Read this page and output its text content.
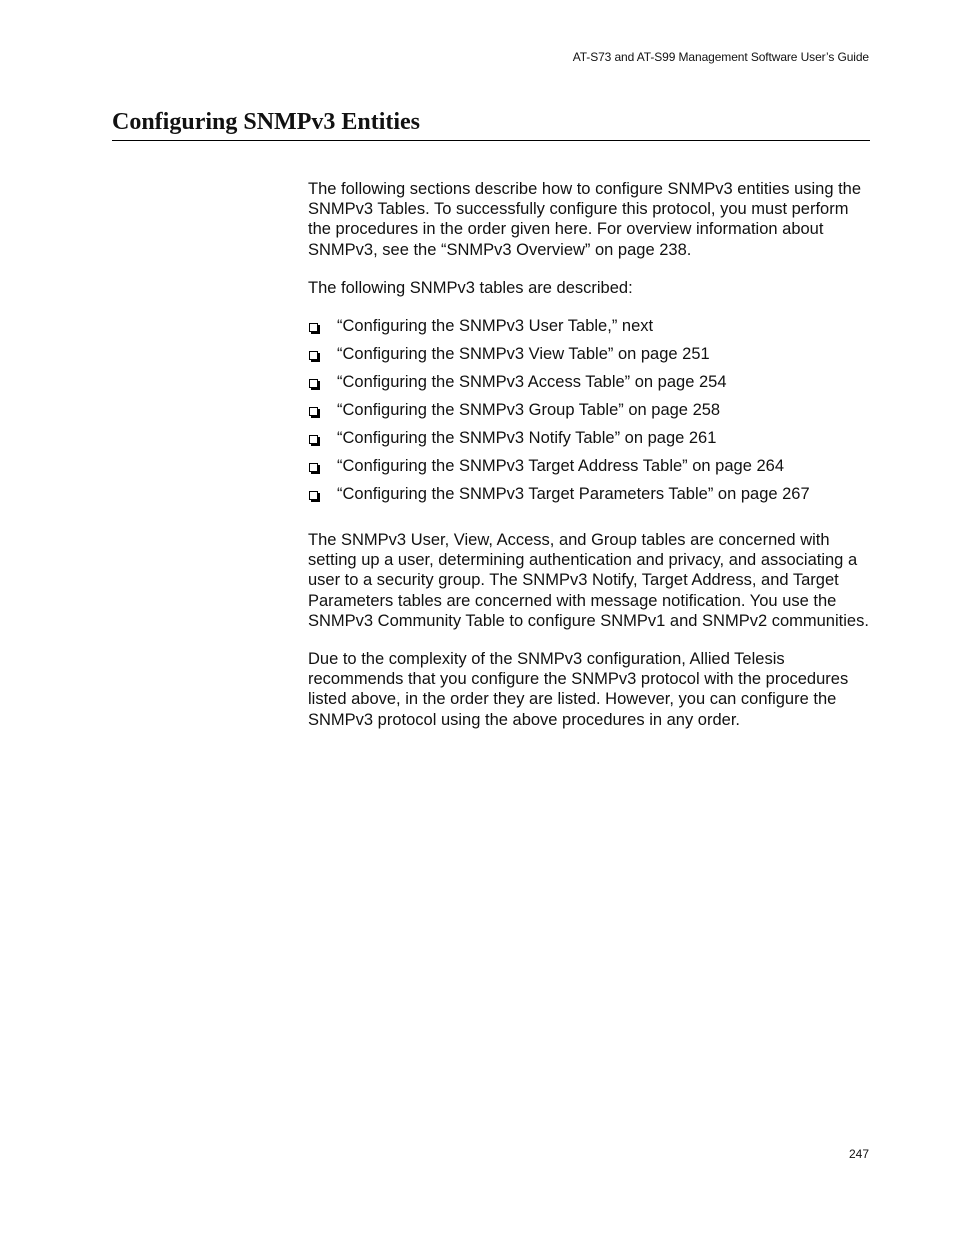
AT-S73 and AT-S99 Management Software User’s Guide
Configuring SNMPv3 Entities

The following sections describe how to configure SNMPv3 entities using the SNMPv3 Tables. To successfully configure this protocol, you must perform the procedures in the order given here. For overview information about SNMPv3, see the “SNMPv3 Overview” on page 238.

The following SNMPv3 tables are described:

“Configuring the SNMPv3 User Table,” next
“Configuring the SNMPv3 View Table” on page 251
“Configuring the SNMPv3 Access Table” on page 254
“Configuring the SNMPv3 Group Table” on page 258
“Configuring the SNMPv3 Notify Table” on page 261
“Configuring the SNMPv3 Target Address Table” on page 264
“Configuring the SNMPv3 Target Parameters Table” on page 267

The SNMPv3 User, View, Access, and Group tables are concerned with setting up a user, determining authentication and privacy, and associating a user to a security group. The SNMPv3 Notify, Target Address, and Target Parameters tables are concerned with message notification. You use the SNMPv3 Community Table to configure SNMPv1 and SNMPv2 communities.

Due to the complexity of the SNMPv3 configuration, Allied Telesis recommends that you configure the SNMPv3 protocol with the procedures listed above, in the order they are listed. However, you can configure the SNMPv3 protocol using the above procedures in any order.

247
